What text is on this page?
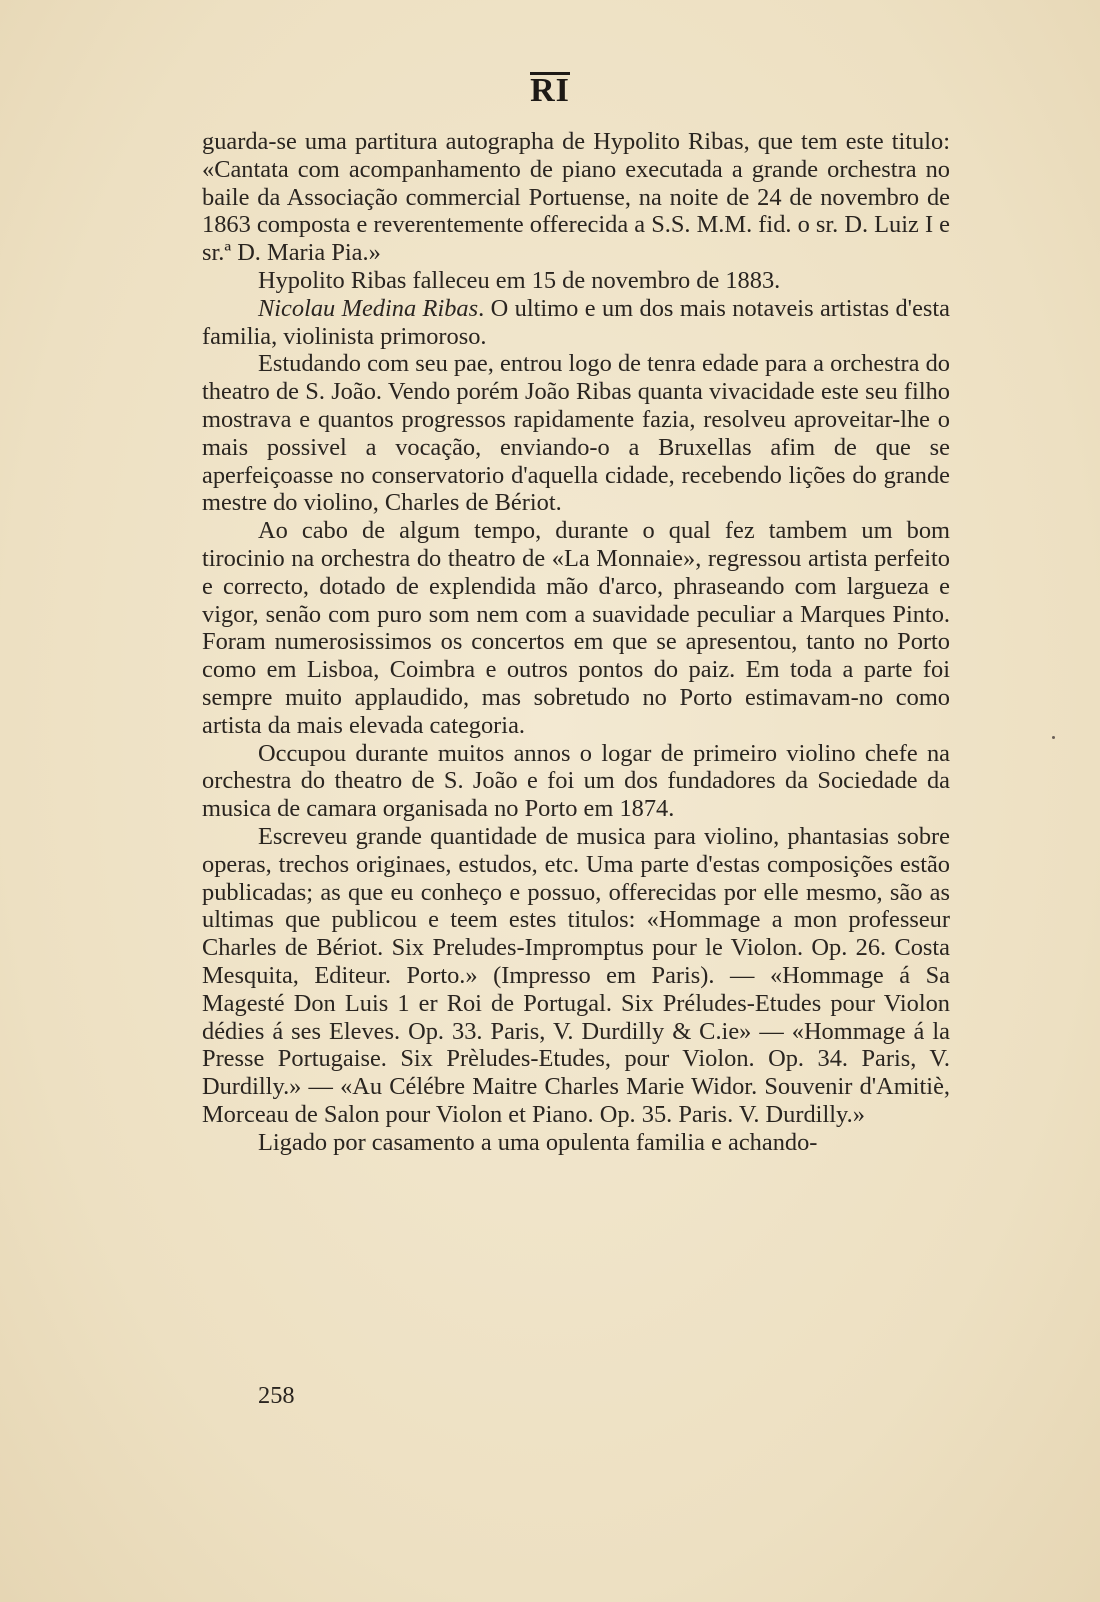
RI

guarda-se uma partitura autographa de Hypolito Ribas, que tem este titulo: «Cantata com acompanhamento de piano executada a grande orchestra no baile da Associação commercial Portuense, na noite de 24 de novembro de 1863 composta e reverentemente offerecida a S.S. M.M. fid. o sr. D. Luiz I e sr.ª D. Maria Pia.»

Hypolito Ribas falleceu em 15 de novembro de 1883.

Nicolau Medina Ribas. O ultimo e um dos mais notaveis artistas d'esta familia, violinista primoroso.

Estudando com seu pae, entrou logo de tenra edade para a orchestra do theatro de S. João. Vendo porém João Ribas quanta vivacidade este seu filho mostrava e quantos progressos rapidamente fazia, resolveu aproveitar-lhe o mais possivel a vocação, enviando-o a Bruxellas afim de que se aperfeiçoasse no conservatorio d'aquella cidade, recebendo lições do grande mestre do violino, Charles de Bériot.

Ao cabo de algum tempo, durante o qual fez tambem um bom tirocinio na orchestra do theatro de «La Monnaie», regressou artista perfeito e correcto, dotado de explendida mão d'arco, phraseando com largueza e vigor, senão com puro som nem com a suavidade peculiar a Marques Pinto. Foram numerosissimos os concertos em que se apresentou, tanto no Porto como em Lisboa, Coimbra e outros pontos do paiz. Em toda a parte foi sempre muito applaudido, mas sobretudo no Porto estimavam-no como artista da mais elevada categoria.

Occupou durante muitos annos o logar de primeiro violino chefe na orchestra do theatro de S. João e foi um dos fundadores da Sociedade da musica de camara organisada no Porto em 1874.

Escreveu grande quantidade de musica para violino, phantasias sobre operas, trechos originaes, estudos, etc. Uma parte d'estas composições estão publicadas; as que eu conheço e possuo, offerecidas por elle mesmo, são as ultimas que publicou e teem estes titulos: «Hommage a mon professeur Charles de Bériot. Six Preludes-Impromptus pour le Violon. Op. 26. Costa Mesquita, Editeur. Porto.» (Impresso em Paris). — «Hommage á Sa Magesté Don Luis 1 er Roi de Portugal. Six Préludes-Etudes pour Violon dédies á ses Eleves. Op. 33. Paris, V. Durdilly & C.ie» — «Hommage á la Presse Portugaise. Six Prèludes-Etudes, pour Violon. Op. 34. Paris, V. Durdilly.» — «Au Célébre Maitre Charles Marie Widor. Souvenir d'Amitiè, Morceau de Salon pour Violon et Piano. Op. 35. Paris. V. Durdilly.»

Ligado por casamento a uma opulenta familia e achando-

258
